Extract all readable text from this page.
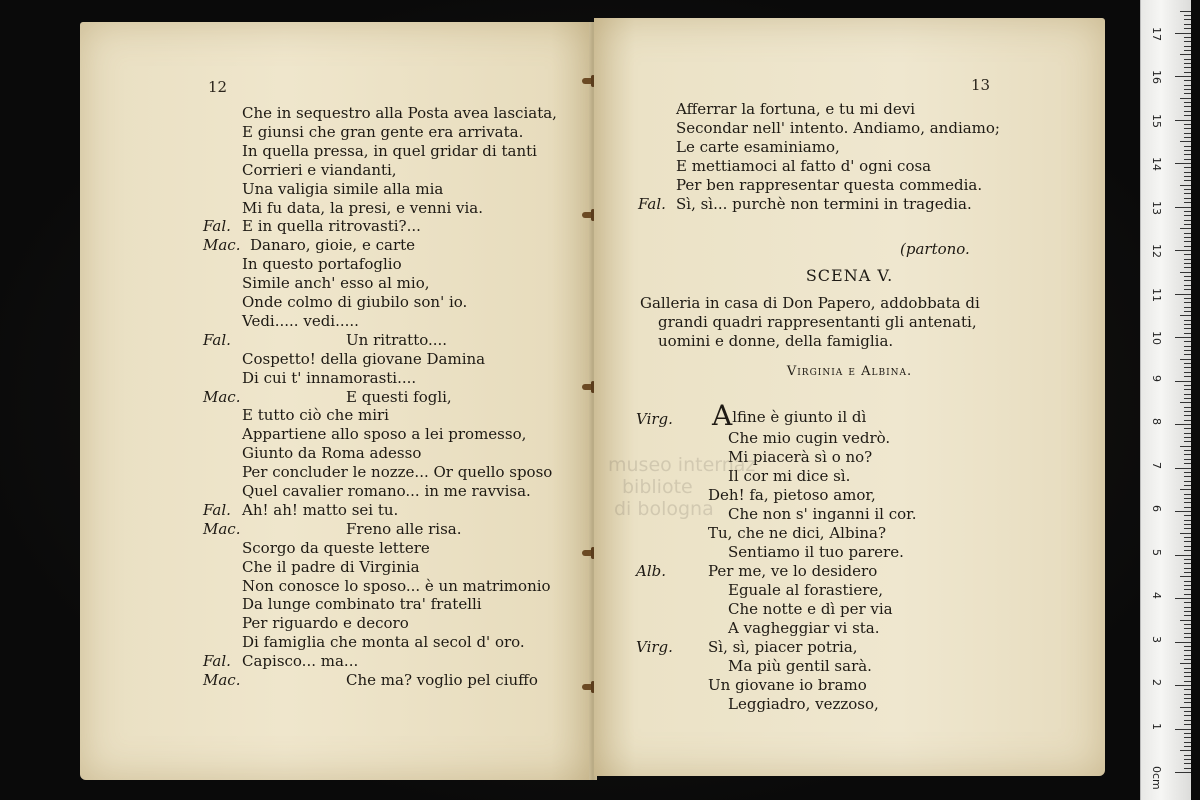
12
Che in sequestro alla Posta avea lasciata,
E giunsi che gran gente era arrivata.
In quella pressa, in quel gridar di tanti
Corrieri e viandanti,
Una valigia simile alla mia
Mi fu data, la presi, e venni via.
Fal. E in quella ritrovasti?...
Mac. Danaro, gioie, e carte
In questo portafoglio
Simile anch' esso al mio,
Onde colmo di giubilo son' io.
Vedi..... vedi.....
Fal.	Un ritratto....
Cospetto! della giovane Damina
Di cui t' innamorasti....
Mac.	E questi fogli,
E tutto ciò che miri
Appartiene allo sposo a lei promesso,
Giunto da Roma adesso
Per concluder le nozze... Or quello sposo
Quel cavalier romano... in me ravvisa.
Fal. Ah! ah! matto sei tu.
Mac.	Freno alle risa.
Scorgo da queste lettere
Che il padre di Virginia
Non conosce lo sposo... è un matrimonio
Da lunge combinato tra' fratelli
Per riguardo e decoro
Di famiglia che monta al secol d' oro.
Fal. Capisco... ma...
Mac.	Che ma? voglio pel ciuffo
13
Afferrar la fortuna, e tu mi devi
Secondar nell' intento. Andiamo, andiamo;
Le carte esaminiamo,
E mettiamoci al fatto d' ogni cosa
Per ben rappresentar questa commedia.
Fal. Sì, sì... purchè non termini in tragedia.
(partono.
SCENA V.
Galleria in casa di Don Papero, addobbata di
grandi quadri rappresentanti gli antenati,
uomini e donne, della famiglia.
Virginia e Albina.
Alfine è giunto il dì
Virg.
Che mio cugin vedrò.
Mi piacerà sì o no?
Il cor mi dice sì.
Deh! fa, pietoso amor,
Che non s' inganni il cor.
Tu, che ne dici, Albina?
Sentiamo il tuo parere.
Alb.	Per me, ve lo desidero
Eguale al forastiere,
Che notte e dì per via
A vagheggiar vi sta.
Virg. Sì, sì, piacer potria,
Ma più gentil sarà.
Un giovane io bramo
Leggiadro, vezzoso,
museo internaz
bibliote
di bologna
0cm
1
2
3
4
5
6
7
8
9
10
11
12
13
14
15
16
17
